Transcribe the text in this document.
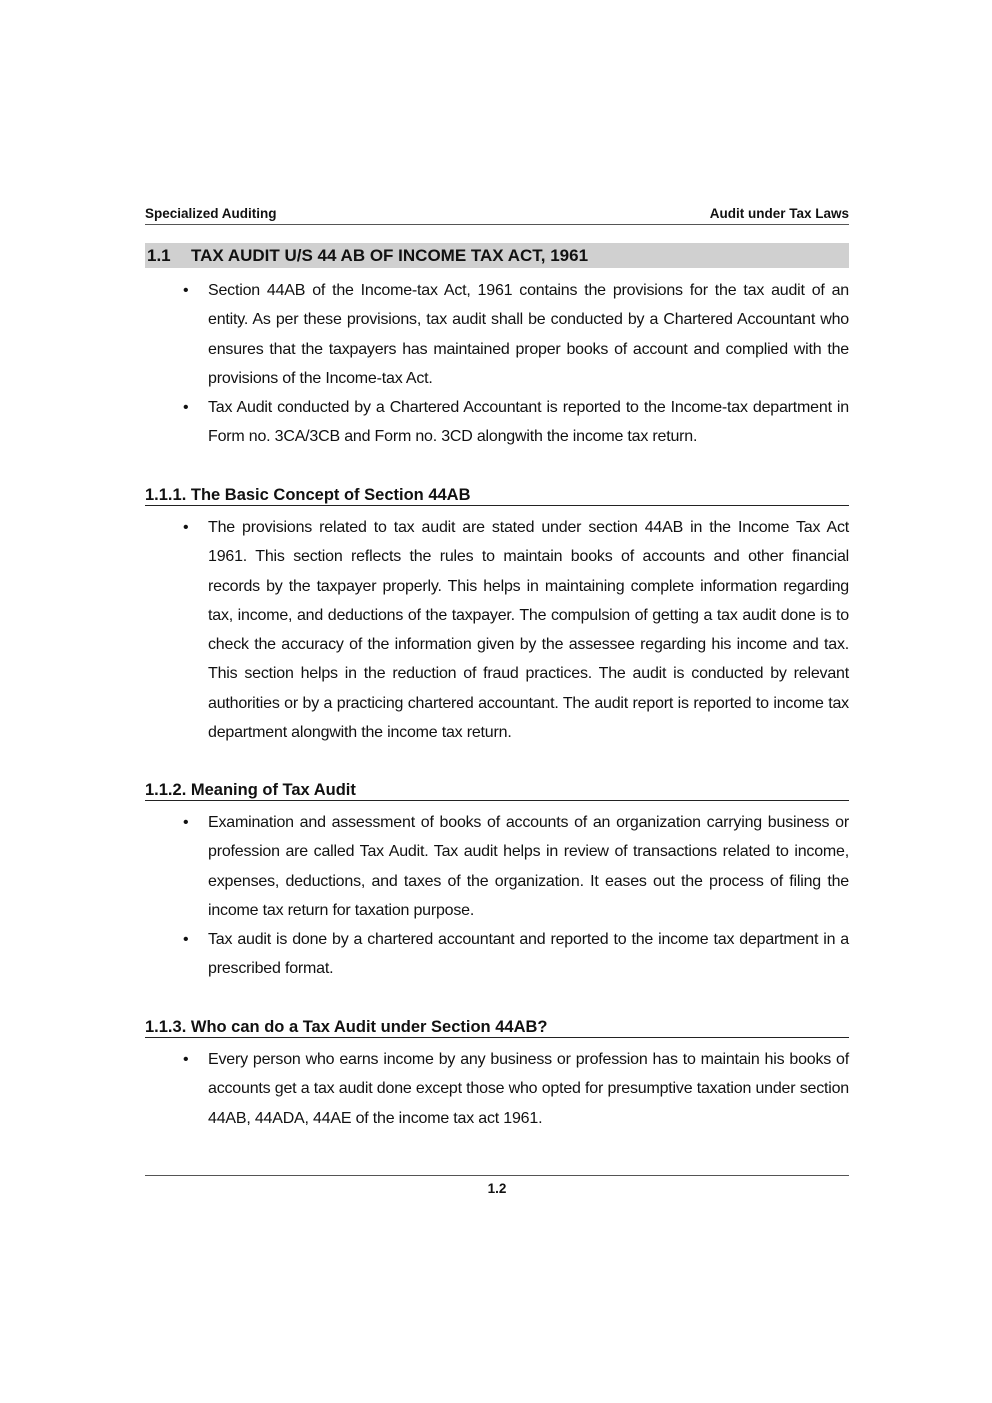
Specialized Auditing	Audit under Tax Laws
1.1 TAX AUDIT U/S 44 AB OF INCOME TAX ACT, 1961
• Section 44AB of the Income-tax Act, 1961 contains the provisions for the tax audit of an entity. As per these provisions, tax audit shall be conducted by a Chartered Accountant who ensures that the taxpayers has maintained proper books of account and complied with the provisions of the Income-tax Act.
• Tax Audit conducted by a Chartered Accountant is reported to the Income-tax department in Form no. 3CA/3CB and Form no. 3CD alongwith the income tax return.
1.1.1. The Basic Concept of Section 44AB
• The provisions related to tax audit are stated under section 44AB in the Income Tax Act 1961. This section reflects the rules to maintain books of accounts and other financial records by the taxpayer properly. This helps in maintaining complete information regarding tax, income, and deductions of the taxpayer. The compulsion of getting a tax audit done is to check the accuracy of the information given by the assessee regarding his income and tax. This section helps in the reduction of fraud practices. The audit is conducted by relevant authorities or by a practicing chartered accountant. The audit report is reported to income tax department alongwith the income tax return.
1.1.2. Meaning of Tax Audit
• Examination and assessment of books of accounts of an organization carrying business or profession are called Tax Audit. Tax audit helps in review of transactions related to income, expenses, deductions, and taxes of the organization. It eases out the process of filing the income tax return for taxation purpose.
• Tax audit is done by a chartered accountant and reported to the income tax department in a prescribed format.
1.1.3. Who can do a Tax Audit under Section 44AB?
• Every person who earns income by any business or profession has to maintain his books of accounts get a tax audit done except those who opted for presumptive taxation under section 44AB, 44ADA, 44AE of the income tax act 1961.
1.2
